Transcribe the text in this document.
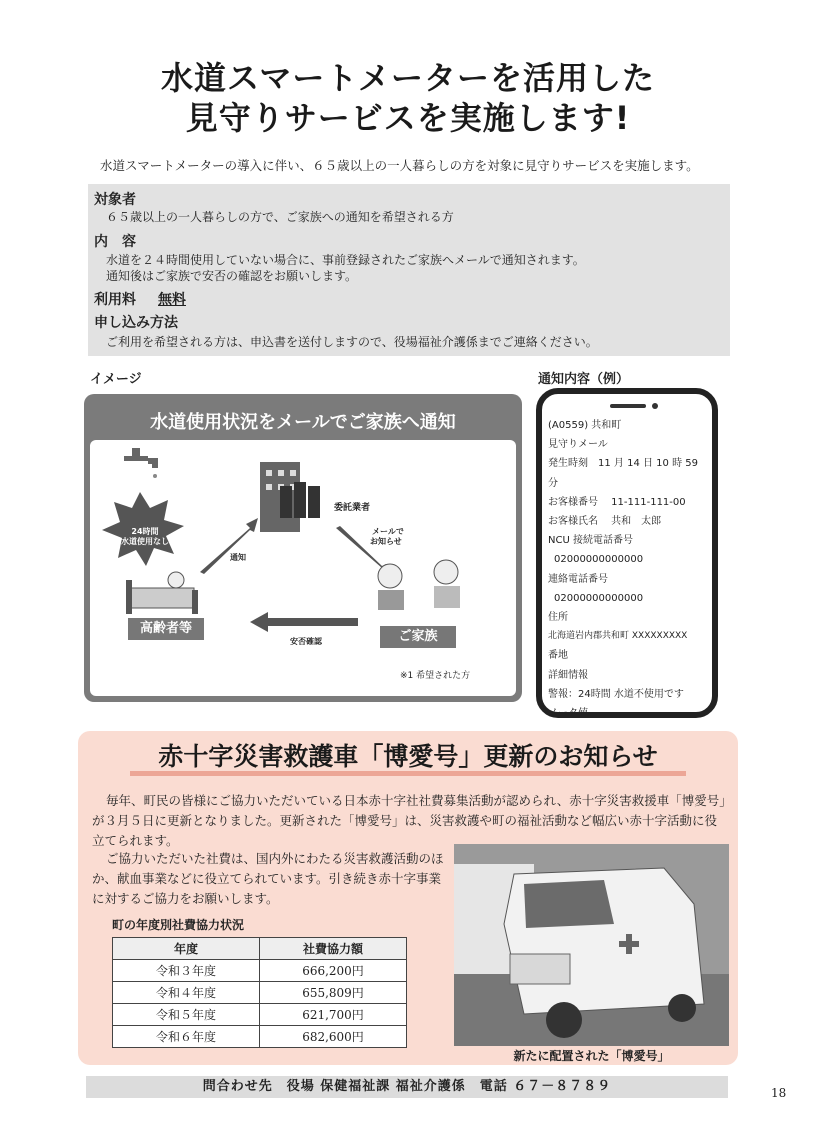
水道スマートメーターを活用した
見守りサービスを実施します!
水道スマートメーターの導入に伴い、６５歳以上の一人暮らしの方を対象に見守りサービスを実施します。
対象者
６５歳以上の一人暮らしの方で、ご家族への通知を希望される方
内　容
水道を２４時間使用していない場合に、事前登録されたご家族へメールで通知されます。
通知後はご家族で安否の確認をお願いします。
利用料 無料
申し込み方法
ご利用を希望される方は、申込書を送付しますので、役場福祉介護係までご連絡ください。
イメージ	通知内容（例）
水道使用状況をメールでご家族へ通知
24時間
水道使用なし
通知
委託業者
メールで
お知らせ
安否確認
高齢者等
ご家族
※1 希望された方
(A0559) 共和町
見守りメール
発生時刻　11 月 14 日 10 時 59 分
お客様番号　 11-111-111-00
お客様氏名　 共和　太郎
NCU 接続電話番号
02000000000000
連絡電話番号
02000000000000
住所
北海道岩内郡共和町 XXXXXXXXX
番地
詳細情報
警報：24時間 水道不使用です
メータ値
赤十字災害救護車「博愛号」更新のお知らせ
毎年、町民の皆様にご協力いただいている日本赤十字社社費募集活動が認められ、赤十字災害救援車「博愛号」が３月５日に更新となりました。更新された「博愛号」は、災害救護や町の福祉活動など幅広い赤十字活動に役立てられます。
ご協力いただいた社費は、国内外にわたる災害救護活動のほか、献血事業などに役立てられています。引き続き赤十字事業に対するご協力をお願いします。
町の年度別社費協力状況
年度	社費協力額
令和３年度	666,200円
令和４年度	655,809円
令和５年度	621,700円
令和６年度	682,600円
新たに配置された「博愛号」
問合わせ先　役場 保健福祉課 福祉介護係　電話 ６７－８７８９	18
